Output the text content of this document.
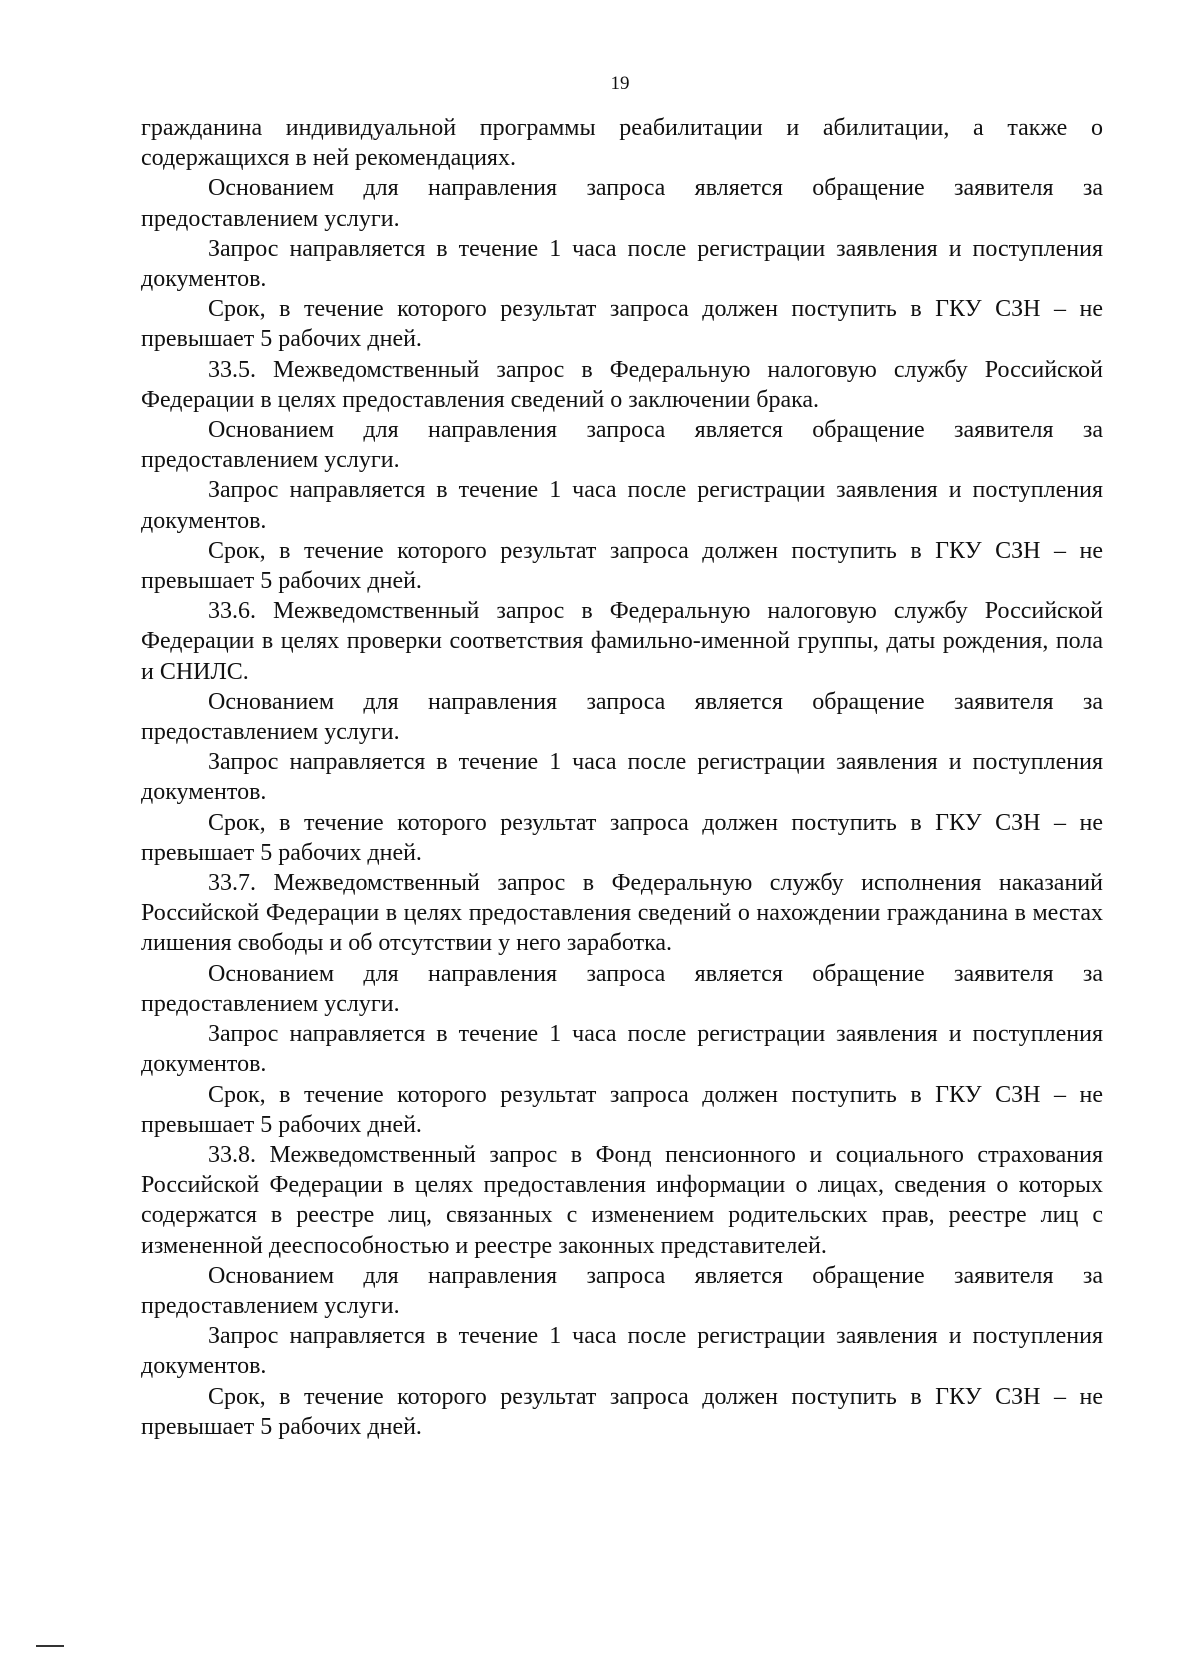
19

гражданина индивидуальной программы реабилитации и абилитации, а также о содержащихся в ней рекомендациях.

Основанием для направления запроса является обращение заявителя за предоставлением услуги.

Запрос направляется в течение 1 часа после регистрации заявления и поступления документов.

Срок, в течение которого результат запроса должен поступить в ГКУ СЗН – не превышает 5 рабочих дней.

33.5. Межведомственный запрос в Федеральную налоговую службу Российской Федерации в целях предоставления сведений о заключении брака.

Основанием для направления запроса является обращение заявителя за предоставлением услуги.

Запрос направляется в течение 1 часа после регистрации заявления и поступления документов.

Срок, в течение которого результат запроса должен поступить в ГКУ СЗН – не превышает 5 рабочих дней.

33.6. Межведомственный запрос в Федеральную налоговую службу Российской Федерации в целях проверки соответствия фамильно-именной группы, даты рождения, пола и СНИЛС.

Основанием для направления запроса является обращение заявителя за предоставлением услуги.

Запрос направляется в течение 1 часа после регистрации заявления и поступления документов.

Срок, в течение которого результат запроса должен поступить в ГКУ СЗН – не превышает 5 рабочих дней.

33.7. Межведомственный запрос в Федеральную службу исполнения наказаний Российской Федерации в целях предоставления сведений о нахождении гражданина в местах лишения свободы и об отсутствии у него заработка.

Основанием для направления запроса является обращение заявителя за предоставлением услуги.

Запрос направляется в течение 1 часа после регистрации заявления и поступления документов.

Срок, в течение которого результат запроса должен поступить в ГКУ СЗН – не превышает 5 рабочих дней.

33.8. Межведомственный запрос в Фонд пенсионного и социального страхования Российской Федерации в целях предоставления информации о лицах, сведения о которых содержатся в реестре лиц, связанных с изменением родительских прав, реестре лиц с измененной дееспособностью и реестре законных представителей.

Основанием для направления запроса является обращение заявителя за предоставлением услуги.

Запрос направляется в течение 1 часа после регистрации заявления и поступления документов.

Срок, в течение которого результат запроса должен поступить в ГКУ СЗН – не превышает 5 рабочих дней.
